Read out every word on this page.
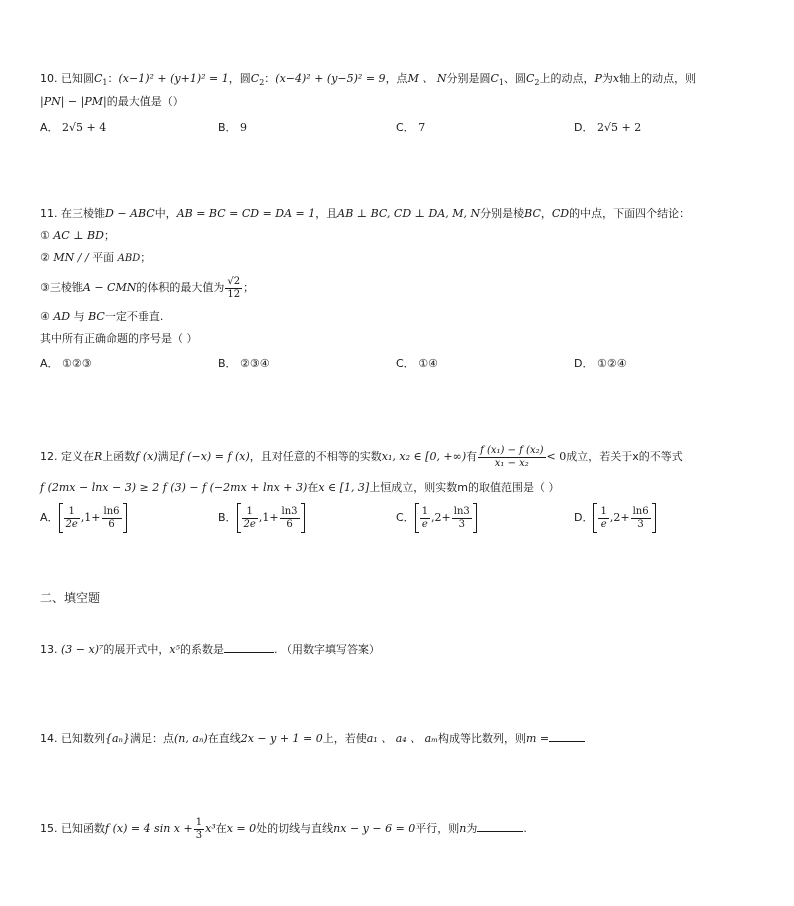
10. 已知圆$C_1$：(x−1)² + (y+1)² = 1，圆$C_2$：(x−4)² + (y−5)² = 9，点M 、 N分别是圆$C_1$、圆$C_2$上的动点，P为x轴上的动点，则
|PN| − |PM|的最大值是（）
A． 2√5 + 4	B． 9	C． 7	D． 2√5 + 2
11. 在三棱锥D − ABC中，AB = BC = CD = DA = 1，且AB ⊥ BC, CD ⊥ DA, M, N分别是棱BC，CD的中点，下面四个结论：
① AC ⊥ BD；
② MN / / 平面 ABD；
③三棱锥A − CMN的体积的最大值为 $\frac{√2}{12}$ ；
④ AD 与 BC一定不垂直.
其中所有正确命题的序号是（ ）
A． ①②③	B． ②③④	C． ①④	D． ①②④
12. 定义在R上函数f (x)满足f (−x) = f (x)，且对任意的不相等的实数x₁, x₂ ∈ [0, +∞)有 $\frac{\text{f (x₁) − f (x₂)}}{\text{x₁ − x₂}} < 0$成立，若关于x的不等式
f (2mx − lnx − 3) ≥ 2 f (3) − f (−2mx + lnx + 3)在x ∈ [1, 3]上恒成立，则实数m的取值范围是（ ）
A． $\frac{1}{2e} ,1+ \frac{\ln 6}{6}$	B． $\frac{1}{2e} ,1+ \frac{\ln 3}{6}$	C． $\frac{1}{e} ,2+ \frac{\ln 3}{3}$	D． $\frac{1}{e} ,2+ \frac{\ln 6}{3}$
二、填空题
13. (3 − x)⁷的展开式中，x⁵的系数是	. （用数字填写答案）
14. 已知数列{aₙ}满足：点(n, aₙ)在直线2x − y + 1 = 0上，若使a₁ 、 a₄ 、 aₘ构成等比数列，则m =
15. 已知函数f (x) = 4 $\sin x + \frac{1}{3} x^3$在x = 0处的切线与直线nx − y − 6 = 0平行，则n为	.
